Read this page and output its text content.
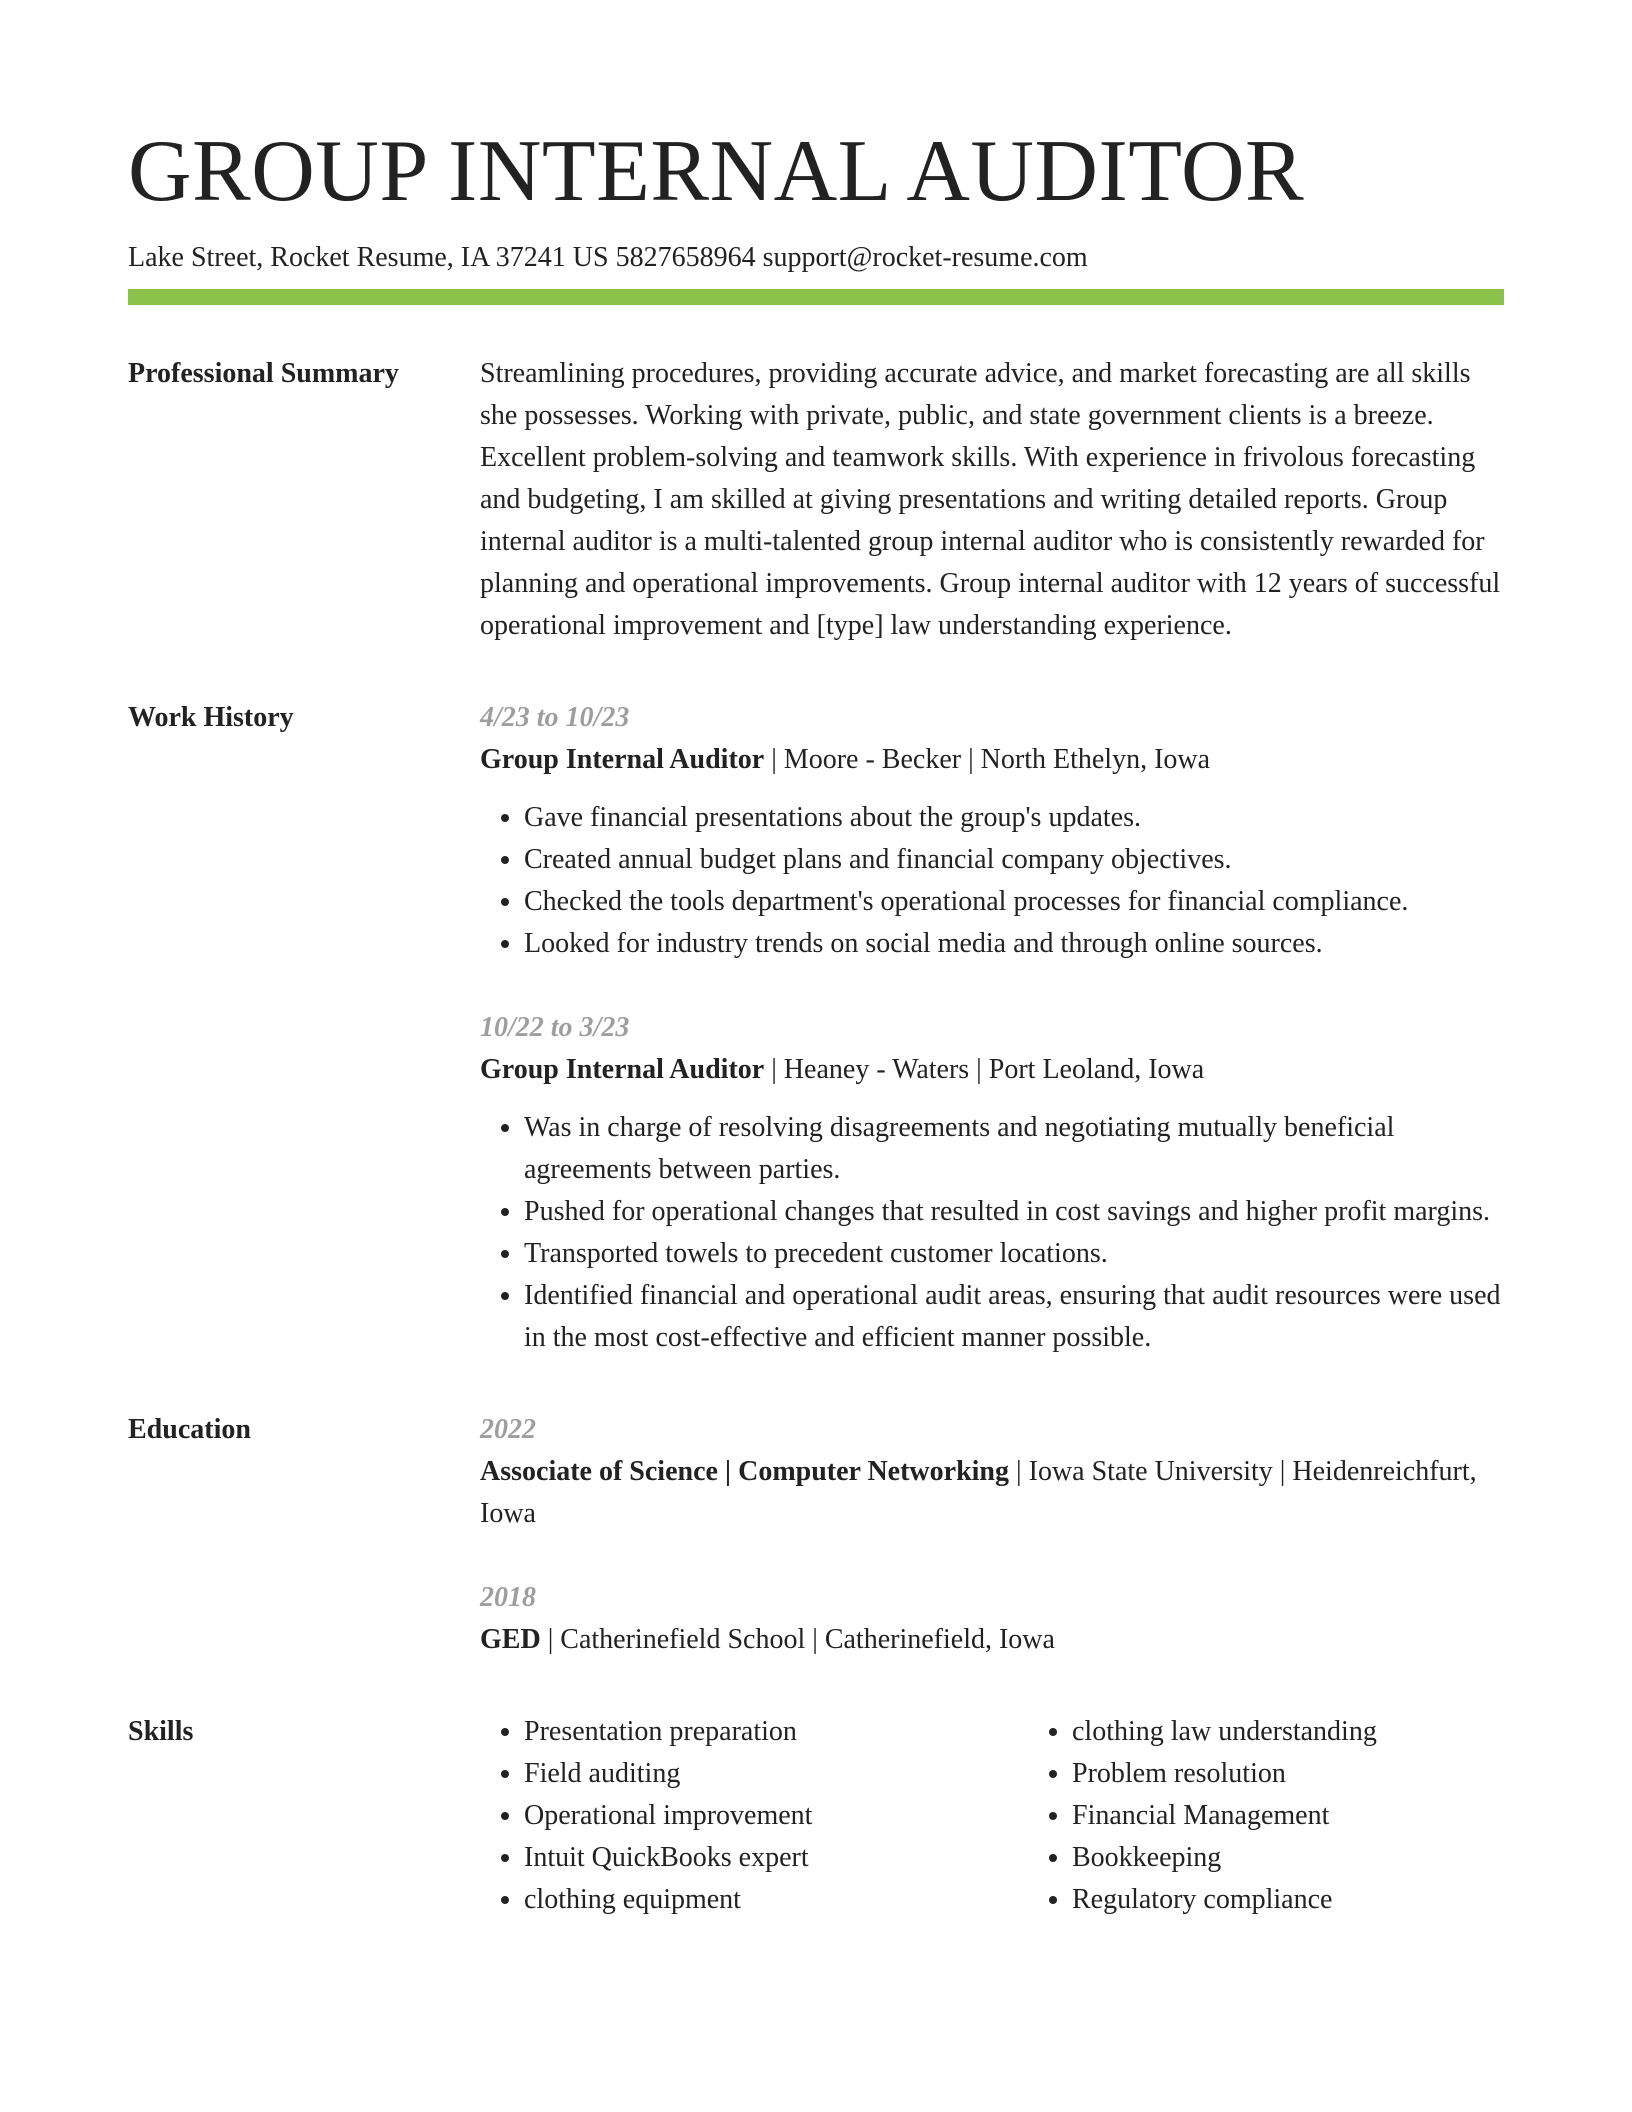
GROUP INTERNAL AUDITOR
Lake Street, Rocket Resume, IA 37241 US 5827658964 support@rocket-resume.com
Professional Summary	Streamlining procedures, providing accurate advice, and market forecasting are all skills she possesses. Working with private, public, and state government clients is a breeze. Excellent problem-solving and teamwork skills. With experience in frivolous forecasting and budgeting, I am skilled at giving presentations and writing detailed reports. Group internal auditor is a multi-talented group internal auditor who is consistently rewarded for planning and operational improvements. Group internal auditor with 12 years of successful operational improvement and [type] law understanding experience.

Work History	4/23 to 10/23
Group Internal Auditor | Moore - Becker | North Ethelyn, Iowa
• Gave financial presentations about the group's updates.
• Created annual budget plans and financial company objectives.
• Checked the tools department's operational processes for financial compliance.
• Looked for industry trends on social media and through online sources.
10/22 to 3/23
Group Internal Auditor | Heaney - Waters | Port Leoland, Iowa
• Was in charge of resolving disagreements and negotiating mutually beneficial agreements between parties.
• Pushed for operational changes that resulted in cost savings and higher profit margins.
• Transported towels to precedent customer locations.
• Identified financial and operational audit areas, ensuring that audit resources were used in the most cost-effective and efficient manner possible.
Education	2022
Associate of Science | Computer Networking | Iowa State University | Heidenreichfurt, Iowa
2018
GED | Catherinefield School | Catherinefield, Iowa
Skills
•	Presentation preparation
• Field auditing
• Operational improvement
• Intuit QuickBooks expert
• clothing equipment
• clothing law understanding
• Problem resolution
• Financial Management
• Bookkeeping
• Regulatory compliance
